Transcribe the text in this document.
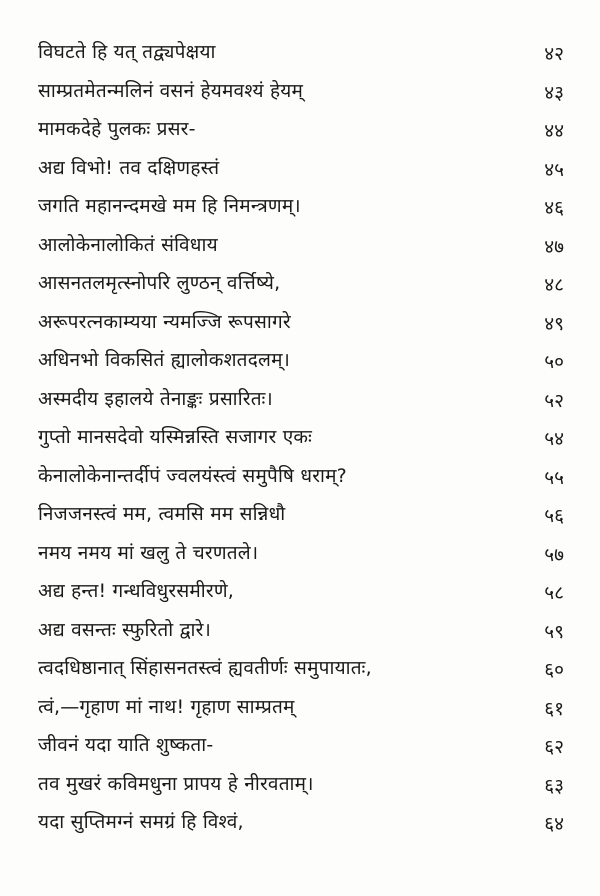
विघटते हि यत् तद्व्यपेक्षया	४२
साम्प्रतमेतन्मलिनं वसनं हेयमवश्यं हेयम्	४३
मामकदेहे पुलकः प्रसर-	४४
अद्य विभो! तव दक्षिणहस्तं	४५
जगति महानन्दमखे मम हि निमन्त्रणम्।	४६
आलोकेनालोकितं संविधाय	४७
आसनतलमृत्स्नोपरि लुण्ठन् वर्त्तिष्ये,	४८
अरूपरत्नकाम्यया न्यमज्जि रूपसागरे	४९
अधिनभो विकसितं ह्यालोकशतदलम्।	५०
अस्मदीय इहालये तेनाङ्कः प्रसारितः।	५२
गुप्तो मानसदेवो यस्मिन्नस्ति सजागर एकः	५४
केनालोकेनान्तर्दीपं ज्वलयंस्त्वं समुपैषि धराम्?	५५
निजजनस्त्वं मम, त्वमसि मम सन्निधौ	५६
नमय नमय मां खलु ते चरणतले।	५७
अद्य हन्त! गन्धविधुरसमीरणे,	५८
अद्य वसन्तः स्फुरितो द्वारे।	५९
त्वदधिष्ठानात् सिंहासनतस्त्वं ह्यवतीर्णः समुपायातः,	६०
त्वं,—गृहाण मां नाथ! गृहाण साम्प्रतम्	६१
जीवनं यदा याति शुष्कता-	६२
तव मुखरं कविमधुना प्रापय हे नीरवताम्।	६३
यदा सुप्तिमग्नं समग्रं हि विश्वं,	६४
